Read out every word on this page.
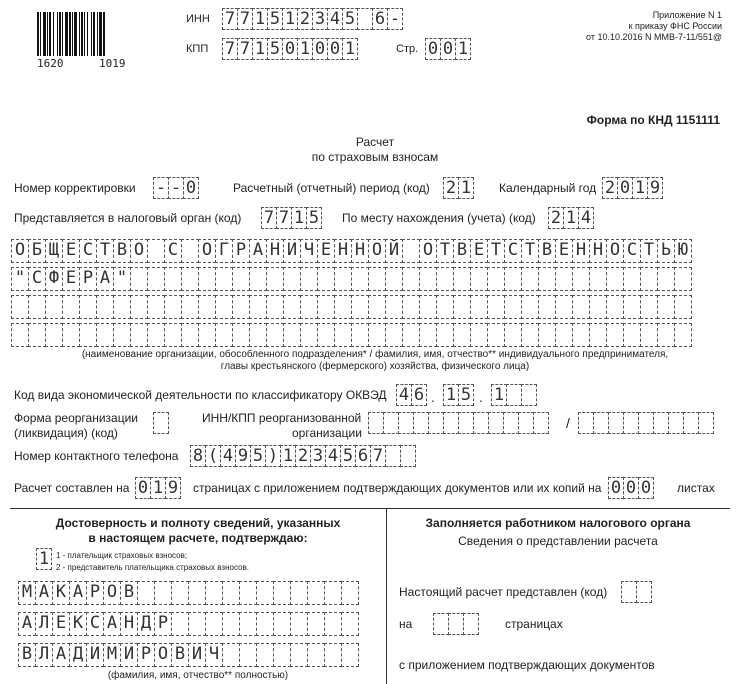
1620	1019
ИНН 7 7 1 5 1 2 3 4 5 6 -
КПП 7 7 1 5 0 1 0 0 1	Стр. 0 0 1
Приложение N 1
к приказу ФНС России
от 10.10.2016 N ММВ-7-11/551@
Форма по КНД 1151111
Расчет
по страховым взносам
Номер корректировки - - 0	Расчетный (отчетный) период (код) 2 1 Календарный год 2 0 1 9
Представляется в налоговый орган (код) 7 7 1 5 По месту нахождения (учета) (код) 2 1 4
О Б Щ Е С Т В О С О Г Р А Н И Ч Е Н Н О Й О Т В Е Т С Т В Е Н Н О С Т Ь Ю
" С Ф Е Р А "
(наименование организации, обособленного подразделения* / фамилия, имя, отчество** индивидуального предпринимателя,
главы крестьянского (фермерского) хозяйства, физического лица)
Код вида экономической деятельности по классификатору ОКВЭД 4 6 . 1 5 . 1
Форма реорганизации
(ликвидация) (код)
ИНН/КПП реорганизованной
организации
/
Номер контактного телефона 8 ( 4 9 5 ) 1 2 3 4 5 6 7
Расчет составлен на 0 1 9 страницах с приложением подтверждающих документов или их копий на 0 0 0 листах
Достоверность и полноту сведений, указанных
в настоящем расчете, подтверждаю:
1 1 - плательщик страховых взносов;
2 - представитель плательщика страховых взносов.
М А К А Р О В
А Л Е К С А Н Д Р
В Л А Д И М И Р О В И Ч
(фамилия, имя, отчество** полностью)
Заполняется работником налогового органа
Сведения о представлении расчета
Настоящий расчет представлен (код)
на	страницах
с приложением подтверждающих документов
